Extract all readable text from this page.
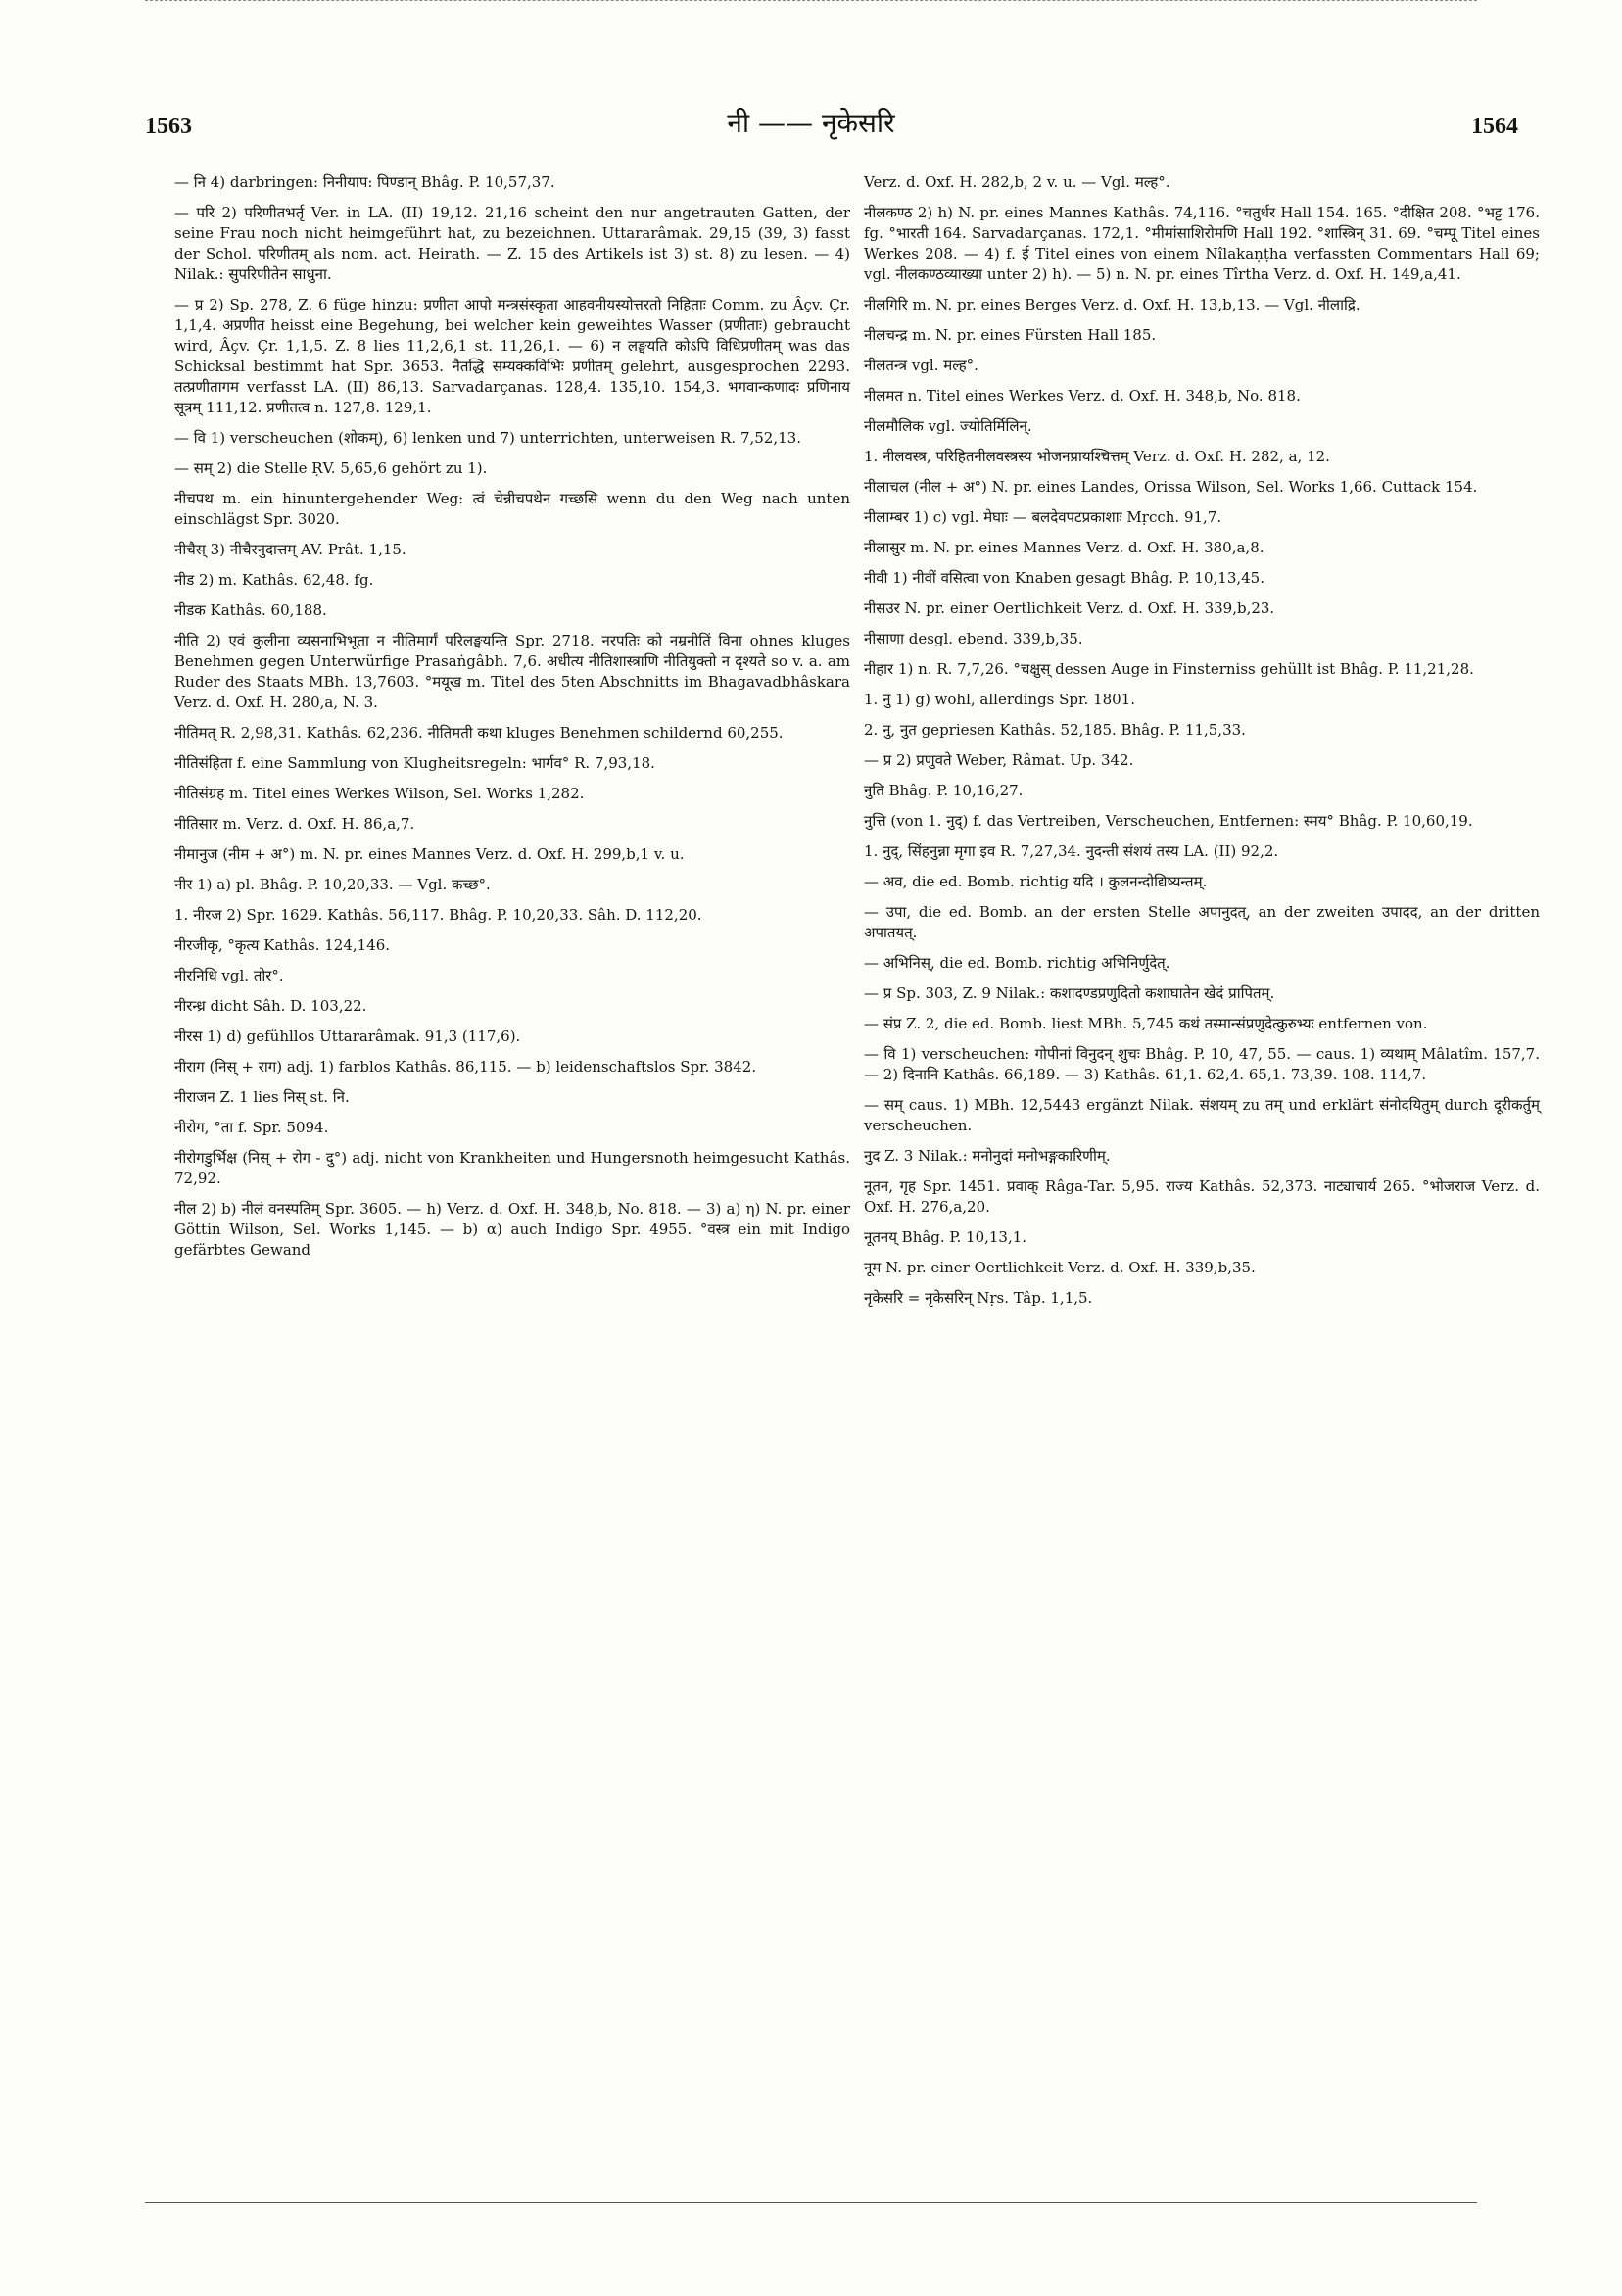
1563	नी —— नृकेसरि	1564

— नि 4) darbringen: निनीयाप: पिण्डान् Bhâg. P. 10,57,37.

— परि 2) परिणीतभर्तृ Ver. in LA. (II) 19,12. 21,16 scheint den nur angetrauten Gatten, der seine Frau noch nicht heimgeführt hat, zu bezeichnen. Uttararâmak. 29,15 (39, 3) fasst der Schol. परिणीतम् als nom. act. Heirath. — Z. 15 des Artikels ist 3) st. 8) zu lesen. — 4) Nilak.: सुपरिणीतेन साधुना.

— प्र 2) Sp. 278, Z. 6 füge hinzu: प्रणीता आपो मन्त्रसंस्कृता आहवनीयस्योत्तरतो निहिताः Comm. zu Âçv. Çr. 1,1,4. अप्रणीत heisst eine Begehung, bei welcher kein geweihtes Wasser (प्रणीताः) gebraucht wird, Âçv. Çr. 1,1,5. Z. 8 lies 11,2,6,1 st. 11,26,1. — 6) न लङ्घयति कोऽपि विधिप्रणीतम् was das Schicksal bestimmt hat Spr. 3653. नैतद्धि सम्यक्कविभिः प्रणीतम् gelehrt, ausgesprochen 2293. तत्प्रणीतागम verfasst LA. (II) 86,13. Sarvadarçanas. 128,4. 135,10. 154,3. भगवान्कणादः प्रणिनाय सूत्रम् 111,12. प्रणीतत्व n. 127,8. 129,1.

— वि 1) verscheuchen (शोकम्), 6) lenken und 7) unterrichten, unterweisen R. 7,52,13.

— सम् 2) die Stelle ṚV. 5,65,6 gehört zu 1).

नीचपथ m. ein hinuntergehender Weg: त्वं चेन्नीचपथेन गच्छसि wenn du den Weg nach unten einschlägst Spr. 3020.

नीचैस् 3) नीचैरनुदात्तम् AV. Prât. 1,15.

नीड 2) m. Kathâs. 62,48. fg.

नीडक Kathâs. 60,188.

नीति 2) एवं कुलीना व्यसनाभिभूता न नीतिमार्गं परिलङ्घयन्ति Spr. 2718. नरपतिः को नम्रनीतिं विना ohnes kluges Benehmen gegen Unterwürfige Prasaṅgâbh. 7,6. अधीत्य नीतिशास्त्राणि नीतियुक्तो न दृश्यते so v. a. am Ruder des Staats MBh. 13,7603. °मयूख m. Titel des 5ten Abschnitts im Bhagavadbhâskara Verz. d. Oxf. H. 280,a, N. 3.

नीतिमत् R. 2,98,31. Kathâs. 62,236. नीतिमती कथा kluges Benehmen schildernd 60,255.

नीतिसंहिता f. eine Sammlung von Klugheitsregeln: भार्गव° R. 7,93,18.

नीतिसंग्रह m. Titel eines Werkes Wilson, Sel. Works 1,282.

नीतिसार m. Verz. d. Oxf. H. 86,a,7.

नीमानुज (नीम + अ°) m. N. pr. eines Mannes Verz. d. Oxf. H. 299,b,1 v. u.

नीर 1) a) pl. Bhâg. P. 10,20,33. — Vgl. कच्छ°.

1. नीरज 2) Spr. 1629. Kathâs. 56,117. Bhâg. P. 10,20,33. Sâh. D. 112,20.

नीरजीकृ, °कृत्य Kathâs. 124,146.

नीरनिधि vgl. तोर°.

नीरन्ध्र dicht Sâh. D. 103,22.

नीरस 1) d) gefühllos Uttararâmak. 91,3 (117,6).

नीराग (निस् + राग) adj. 1) farblos Kathâs. 86,115. — b) leidenschaftslos Spr. 3842.

नीराजन Z. 1 lies निस् st. नि.

नीरोग, °ता f. Spr. 5094.

नीरोगडुर्भिक्ष (निस् + रोग - दु°) adj. nicht von Krankheiten und Hungersnoth heimgesucht Kathâs. 72,92.

नील 2) b) नीलं वनस्पतिम् Spr. 3605. — h) Verz. d. Oxf. H. 348,b, No. 818. — 3) a) η) N. pr. einer Göttin Wilson, Sel. Works 1,145. — b) α) auch Indigo Spr. 4955. °वस्त्र ein mit Indigo gefärbtes Gewand

Verz. d. Oxf. H. 282,b, 2 v. u. — Vgl. मल्ह°.

नीलकण्ठ 2) h) N. pr. eines Mannes Kathâs. 74,116. °चतुर्धर Hall 154. 165. °दीक्षित 208. °भट्ट 176. fg. °भारती 164. Sarvadarçanas. 172,1. °मीमांसाशिरोमणि Hall 192. °शास्त्रिन् 31. 69. °चम्पू Titel eines Werkes 208. — 4) f. ई Titel eines von einem Nîlakaṇṭha verfassten Commentars Hall 69; vgl. नीलकण्ठव्याख्या unter 2) h). — 5) n. N. pr. eines Tîrtha Verz. d. Oxf. H. 149,a,41.

नीलगिरि m. N. pr. eines Berges Verz. d. Oxf. H. 13,b,13. — Vgl. नीलाद्रि.

नीलचन्द्र m. N. pr. eines Fürsten Hall 185.

नीलतन्त्र vgl. मल्ह°.

नीलमत n. Titel eines Werkes Verz. d. Oxf. H. 348,b, No. 818.

नीलमौलिक vgl. ज्योतिर्मिलिन्.

1. नीलवस्त्र, परिहितनीलवस्त्रस्य भोजनप्रायश्चित्तम् Verz. d. Oxf. H. 282, a, 12.

नीलाचल (नील + अ°) N. pr. eines Landes, Orissa Wilson, Sel. Works 1,66. Cuttack 154.

नीलाम्बर 1) c) vgl. मेघाः — बलदेवपटप्रकाशाः Mṛcch. 91,7.

नीलासुर m. N. pr. eines Mannes Verz. d. Oxf. H. 380,a,8.

नीवी 1) नीवीं वसित्वा von Knaben gesagt Bhâg. P. 10,13,45.

नीसउर N. pr. einer Oertlichkeit Verz. d. Oxf. H. 339,b,23.

नीसाणा desgl. ebend. 339,b,35.

नीहार 1) n. R. 7,7,26. °चक्षुस् dessen Auge in Finsterniss gehüllt ist Bhâg. P. 11,21,28.

1. नु 1) g) wohl, allerdings Spr. 1801.

2. नु, नुत gepriesen Kathâs. 52,185. Bhâg. P. 11,5,33.

— प्र 2) प्रणुवते Weber, Râmat. Up. 342.

नुति Bhâg. P. 10,16,27.

नुत्ति (von 1. नुद्) f. das Vertreiben, Verscheuchen, Entfernen: स्मय° Bhâg. P. 10,60,19.

1. नुद्, सिंहनुन्ना मृगा इव R. 7,27,34. नुदन्ती संशयं तस्य LA. (II) 92,2.

— अव, die ed. Bomb. richtig यदि । कुलनन्दोद्यिष्यन्तम्.

— उपा, die ed. Bomb. an der ersten Stelle अपानुदत्, an der zweiten उपादद, an der dritten अपातयत्.

— अभिनिस्, die ed. Bomb. richtig अभिनिर्णुदेत्.

— प्र Sp. 303, Z. 9 Nilak.: कशादण्डप्रणुदितो कशाघातेन खेदं प्रापितम्.

— संप्र Z. 2, die ed. Bomb. liest MBh. 5,745 कथं तस्मान्संप्रणुदेत्कुरुभ्यः entfernen von.

— वि 1) verscheuchen: गोपीनां विनुदन् शुचः Bhâg. P. 10, 47, 55. — caus. 1) व्यथाम् Mâlatîm. 157,7. — 2) दिनानि Kathâs. 66,189. — 3) Kathâs. 61,1. 62,4. 65,1. 73,39. 108. 114,7.

— सम् caus. 1) MBh. 12,5443 ergänzt Nilak. संशयम् zu तम् und erklärt संनोदयितुम् durch दूरीकर्तुम् verscheuchen.

नुद Z. 3 Nilak.: मनोनुदां मनोभङ्गकारिणीम्.

नूतन, गृह Spr. 1451. प्रवाक् Râga-Tar. 5,95. राज्य Kathâs. 52,373. नाट्याचार्य 265. °भोजराज Verz. d. Oxf. H. 276,a,20.

नूतनय् Bhâg. P. 10,13,1.

नूम N. pr. einer Oertlichkeit Verz. d. Oxf. H. 339,b,35.

नृकेसरि = नृकेसरिन् Nṛs. Tâp. 1,1,5.
